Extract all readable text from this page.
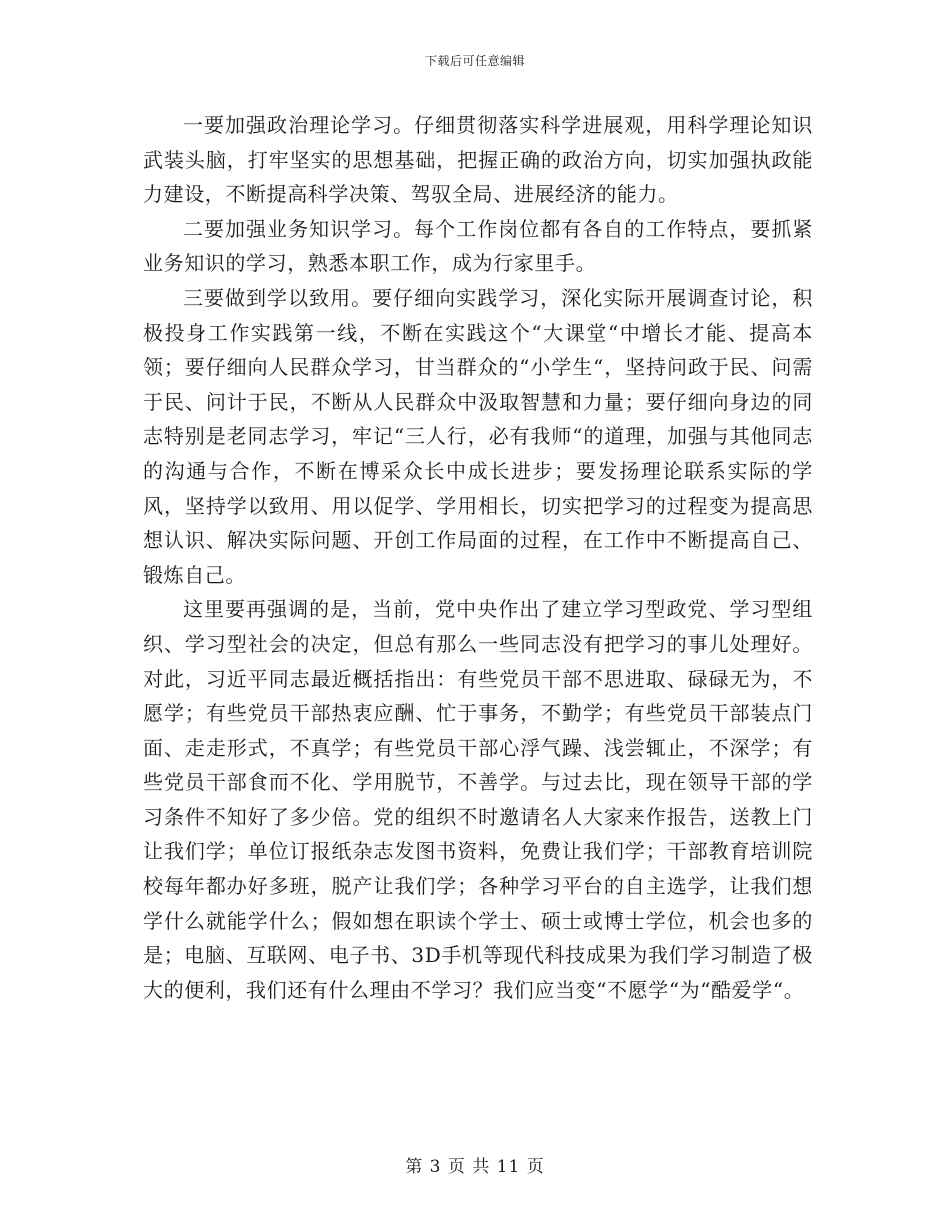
下载后可任意编辑

一要加强政治理论学习。仔细贯彻落实科学进展观，用科学理论知识武装头脑，打牢坚实的思想基础，把握正确的政治方向，切实加强执政能力建设，不断提高科学决策、驾驭全局、进展经济的能力。

二要加强业务知识学习。每个工作岗位都有各自的工作特点，要抓紧业务知识的学习，熟悉本职工作，成为行家里手。

三要做到学以致用。要仔细向实践学习，深化实际开展调查讨论，积极投身工作实践第一线，不断在实践这个“大课堂“中增长才能、提高本领；要仔细向人民群众学习，甘当群众的“小学生“，坚持问政于民、问需于民、问计于民，不断从人民群众中汲取智慧和力量；要仔细向身边的同志特别是老同志学习，牢记“三人行，必有我师“的道理，加强与其他同志的沟通与合作，不断在博采众长中成长进步；要发扬理论联系实际的学风，坚持学以致用、用以促学、学用相长，切实把学习的过程变为提高思想认识、解决实际问题、开创工作局面的过程，在工作中不断提高自己、锻炼自己。

这里要再强调的是，当前，党中央作出了建立学习型政党、学习型组织、学习型社会的决定，但总有那么一些同志没有把学习的事儿处理好。对此，习近平同志最近概括指出：有些党员干部不思进取、碌碌无为，不愿学；有些党员干部热衷应酬、忙于事务，不勤学；有些党员干部装点门面、走走形式，不真学；有些党员干部心浮气躁、浅尝辄止，不深学；有些党员干部食而不化、学用脱节，不善学。与过去比，现在领导干部的学习条件不知好了多少倍。党的组织不时邀请名人大家来作报告，送教上门让我们学；单位订报纸杂志发图书资料，免费让我们学；干部教育培训院校每年都办好多班，脱产让我们学；各种学习平台的自主选学，让我们想学什么就能学什么；假如想在职读个学士、硕士或博士学位，机会也多的是；电脑、互联网、电子书、3D手机等现代科技成果为我们学习制造了极大的便利，我们还有什么理由不学习？我们应当变“不愿学“为“酷爱学“。

第 3 页 共 11 页
